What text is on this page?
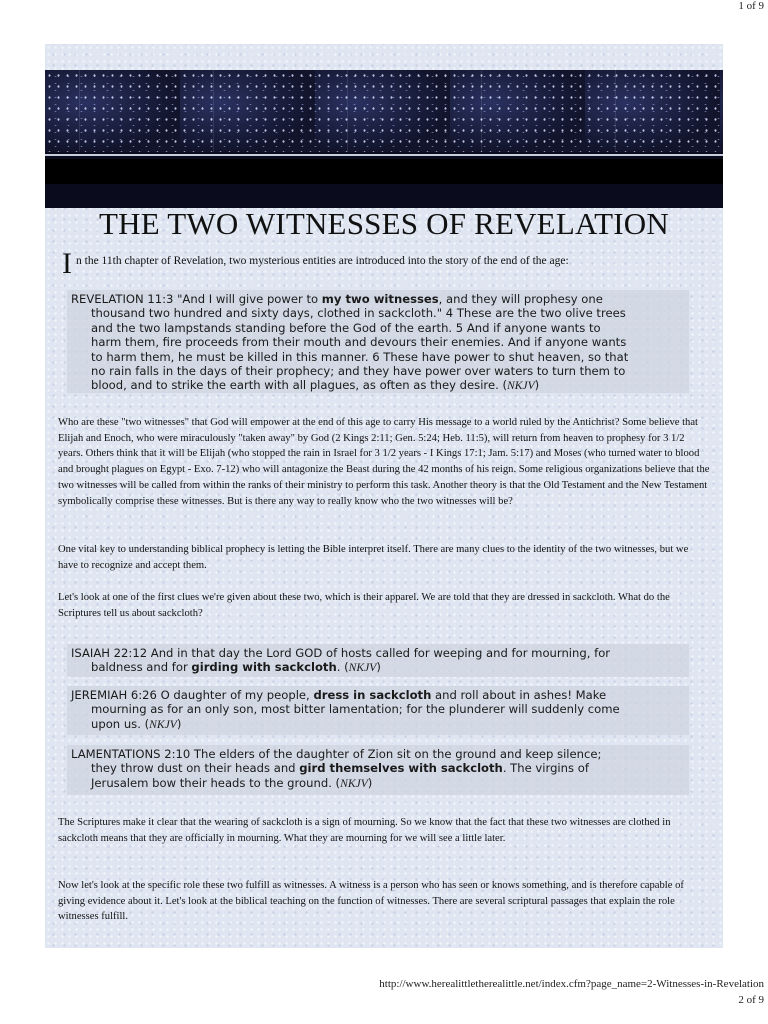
1 of 9
THE TWO WITNESSES OF REVELATION
I n the 11th chapter of Revelation, two mysterious entities are introduced into the story of the end of the age:
REVELATION 11:3 "And I will give power to my two witnesses, and they will prophesy one
thousand two hundred and sixty days, clothed in sackcloth." 4 These are the two olive trees
and the two lampstands standing before the God of the earth. 5 And if anyone wants to
harm them, fire proceeds from their mouth and devours their enemies. And if anyone wants
to harm them, he must be killed in this manner. 6 These have power to shut heaven, so that
no rain falls in the days of their prophecy; and they have power over waters to turn them to
blood, and to strike the earth with all plagues, as often as they desire. (NKJV)
Who are these "two witnesses" that God will empower at the end of this age to carry His message to a world ruled by the Antichrist? Some believe that Elijah and Enoch, who were miraculously "taken away" by God (2 Kings 2:11; Gen. 5:24; Heb. 11:5), will return from heaven to prophesy for 3 1/2 years. Others think that it will be Elijah (who stopped the rain in Israel for 3 1/2 years - I Kings 17:1; Jam. 5:17) and Moses (who turned water to blood and brought plagues on Egypt - Exo. 7-12) who will antagonize the Beast during the 42 months of his reign. Some religious organizations believe that the two witnesses will be called from within the ranks of their ministry to perform this task. Another theory is that the Old Testament and the New Testament symbolically comprise these witnesses. But is there any way to really know who the two witnesses will be?
One vital key to understanding biblical prophecy is letting the Bible interpret itself. There are many clues to the identity of the two witnesses, but we have to recognize and accept them.
Let's look at one of the first clues we're given about these two, which is their apparel. We are told that they are dressed in sackcloth. What do the Scriptures tell us about sackcloth?
ISAIAH 22:12 And in that day the Lord GOD of hosts called for weeping and for mourning, for
baldness and for girding with sackcloth. (NKJV)
JEREMIAH 6:26 O daughter of my people, dress in sackcloth and roll about in ashes! Make
mourning as for an only son, most bitter lamentation; for the plunderer will suddenly come
upon us. (NKJV)
LAMENTATIONS 2:10 The elders of the daughter of Zion sit on the ground and keep silence;
they throw dust on their heads and gird themselves with sackcloth. The virgins of
Jerusalem bow their heads to the ground. (NKJV)
The Scriptures make it clear that the wearing of sackcloth is a sign of mourning. So we know that the fact that these two witnesses are clothed in sackcloth means that they are officially in mourning. What they are mourning for we will see a little later.
Now let's look at the specific role these two fulfill as witnesses. A witness is a person who has seen or knows something, and is therefore capable of giving evidence about it. Let's look at the biblical teaching on the function of witnesses. There are several scriptural passages that explain the role witnesses fulfill.
http://www.herealittletherealittle.net/index.cfm?page_name=2-Witnesses-in-Revelation
2 of 9
